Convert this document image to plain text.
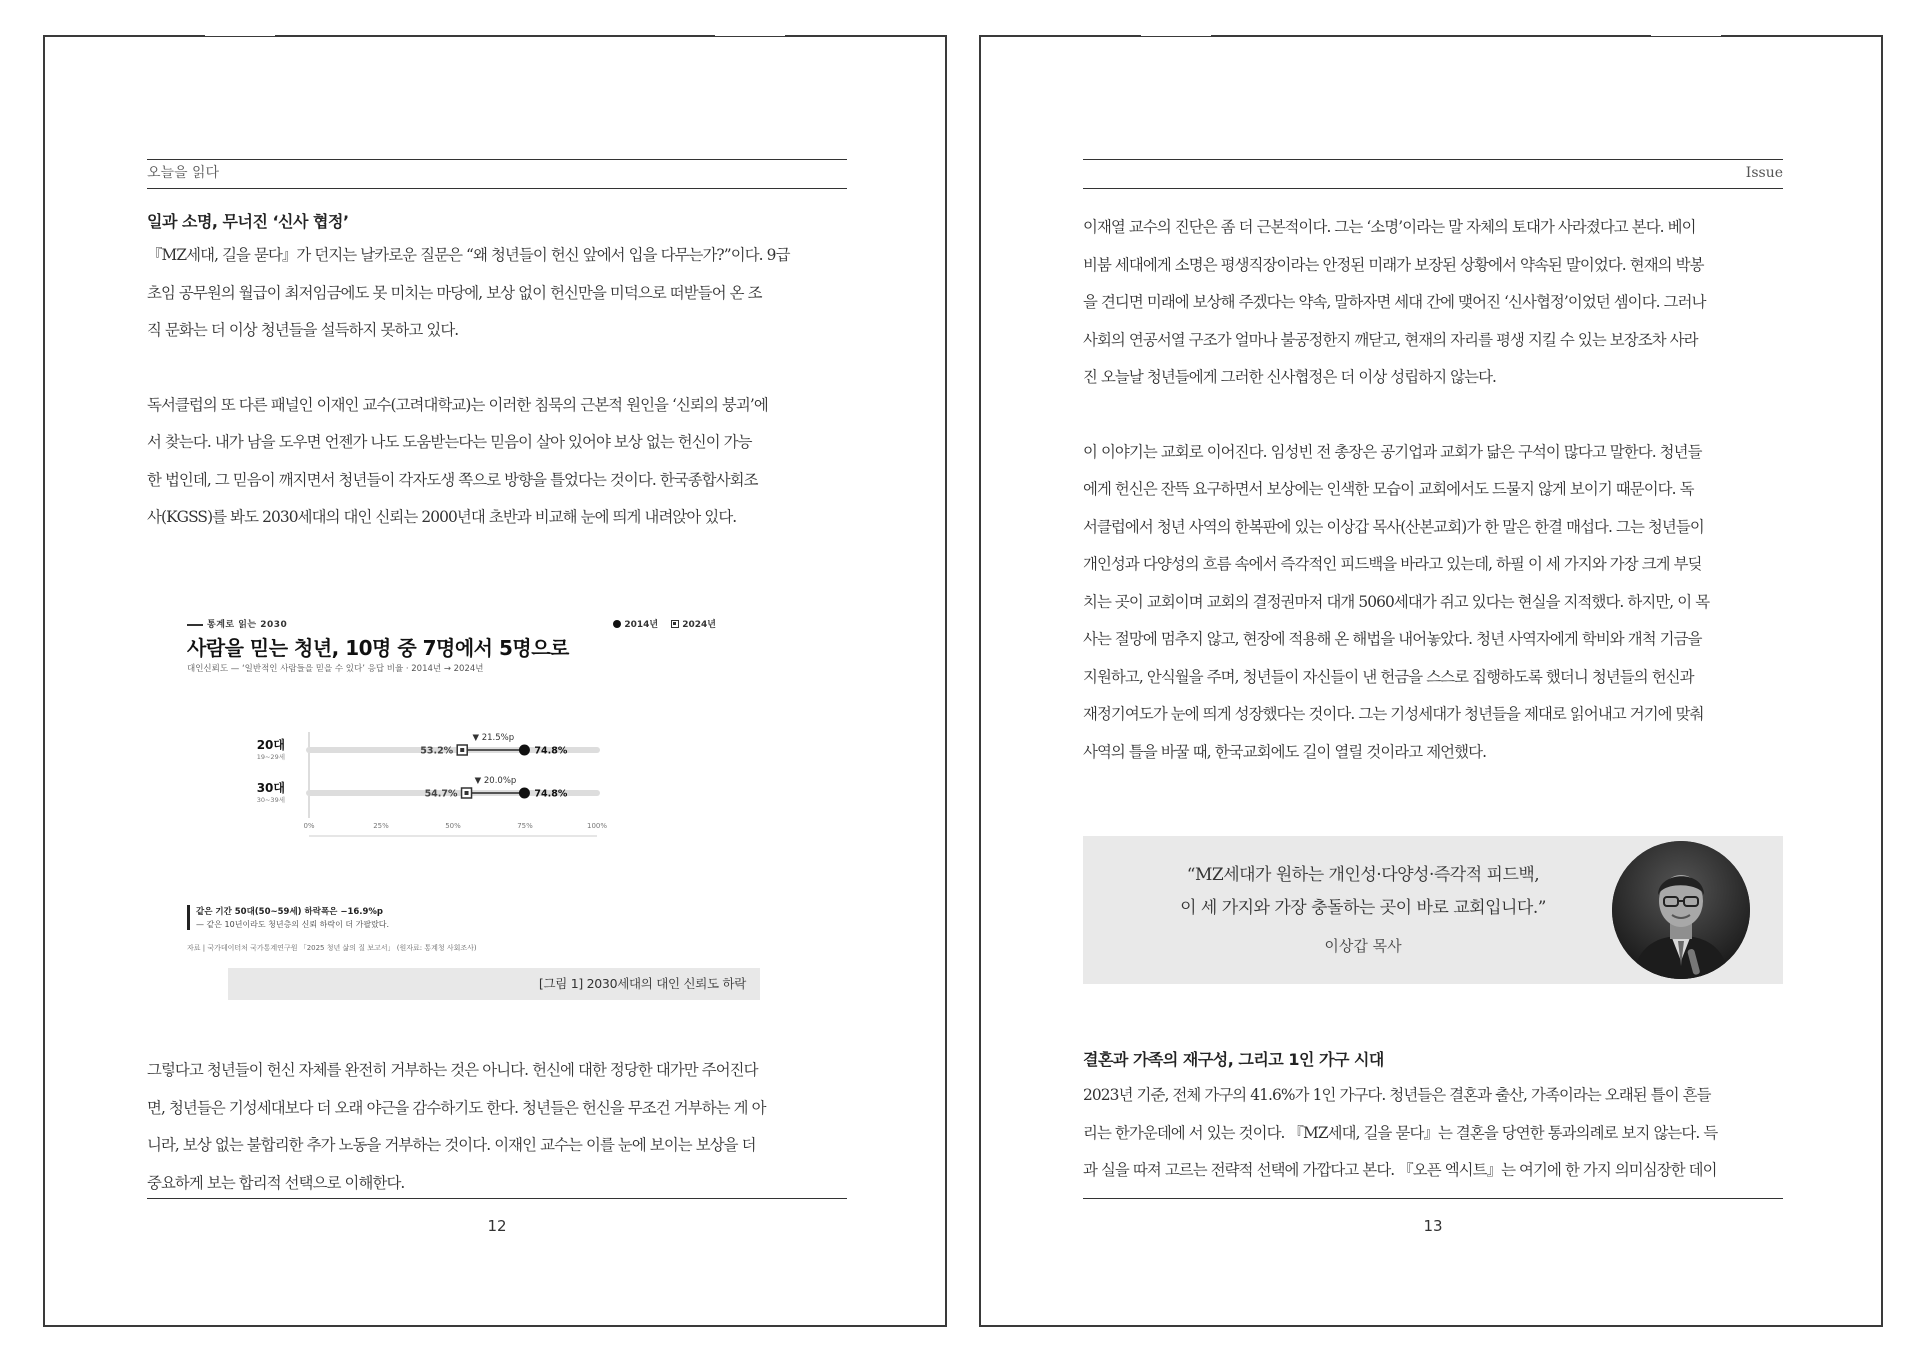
오늘을 읽다
일과 소명, 무너진 ‘신사 협정’
『MZ세대, 길을 묻다』가 던지는 날카로운 질문은 “왜 청년들이 헌신 앞에서 입을 다무는가?”이다. 9급
초임 공무원의 월급이 최저임금에도 못 미치는 마당에, 보상 없이 헌신만을 미덕으로 떠받들어 온 조
직 문화는 더 이상 청년들을 설득하지 못하고 있다.
독서클럽의 또 다른 패널인 이재인 교수(고려대학교)는 이러한 침묵의 근본적 원인을 ‘신뢰의 붕괴’에
서 찾는다. 내가 남을 도우면 언젠가 나도 도움받는다는 믿음이 살아 있어야 보상 없는 헌신이 가능
한 법인데, 그 믿음이 깨지면서 청년들이 각자도생 쪽으로 방향을 틀었다는 것이다. 한국종합사회조
사(KGSS)를 봐도 2030세대의 대인 신뢰는 2000년대 초반과 비교해 눈에 띄게 내려앉아 있다.
그렇다고 청년들이 헌신 자체를 완전히 거부하는 것은 아니다. 헌신에 대한 정당한 대가만 주어진다
면, 청년들은 기성세대보다 더 오래 야근을 감수하기도 한다. 청년들은 헌신을 무조건 거부하는 게 아
니라, 보상 없는 불합리한 추가 노동을 거부하는 것이다. 이재인 교수는 이를 눈에 보이는 보상을 더
중요하게 보는 합리적 선택으로 이해한다.
12
통계로 읽는 2030	2014년	2024년
사람을 믿는 청년, 10명 중 7명에서 5명으로
대인신뢰도 — ‘일반적인 사람들을 믿을 수 있다’ 응답 비율 · 2014년 → 2024년
0%	25%	50%	75%	100%
20대
19~29세
53.2%	74.8%
▼ 21.5%p
30대
30~39세
54.7%	74.8%
▼ 20.0%p
같은 기간 50대(50~59세) 하락폭은 −16.9%p
— 같은 10년이라도 청년층의 신뢰 하락이 더 가팔랐다.
자료 | 국가데이터처 국가통계연구원 「2025 청년 삶의 질 보고서」 (원자료: 통계청 사회조사)
[그림 1] 2030세대의 대인 신뢰도 하락
Issue
이재열 교수의 진단은 좀 더 근본적이다. 그는 ‘소명’이라는 말 자체의 토대가 사라졌다고 본다. 베이
비붐 세대에게 소명은 평생직장이라는 안정된 미래가 보장된 상황에서 약속된 말이었다. 현재의 박봉
을 견디면 미래에 보상해 주겠다는 약속, 말하자면 세대 간에 맺어진 ‘신사협정’이었던 셈이다. 그러나
사회의 연공서열 구조가 얼마나 불공정한지 깨닫고, 현재의 자리를 평생 지킬 수 있는 보장조차 사라
진 오늘날 청년들에게 그러한 신사협정은 더 이상 성립하지 않는다.
이 이야기는 교회로 이어진다. 임성빈 전 총장은 공기업과 교회가 닮은 구석이 많다고 말한다. 청년들
에게 헌신은 잔뜩 요구하면서 보상에는 인색한 모습이 교회에서도 드물지 않게 보이기 때문이다. 독
서클럽에서 청년 사역의 한복판에 있는 이상갑 목사(산본교회)가 한 말은 한결 매섭다. 그는 청년들이
개인성과 다양성의 흐름 속에서 즉각적인 피드백을 바라고 있는데, 하필 이 세 가지와 가장 크게 부딪
치는 곳이 교회이며 교회의 결정권마저 대개 5060세대가 쥐고 있다는 현실을 지적했다. 하지만, 이 목
사는 절망에 멈추지 않고, 현장에 적용해 온 해법을 내어놓았다. 청년 사역자에게 학비와 개척 기금을
지원하고, 안식월을 주며, 청년들이 자신들이 낸 헌금을 스스로 집행하도록 했더니 청년들의 헌신과
재정기여도가 눈에 띄게 성장했다는 것이다. 그는 기성세대가 청년들을 제대로 읽어내고 거기에 맞춰
사역의 틀을 바꿀 때, 한국교회에도 길이 열릴 것이라고 제언했다.
“MZ세대가 원하는 개인성·다양성·즉각적 피드백,
이 세 가지와 가장 충돌하는 곳이 바로 교회입니다.”
이상갑 목사
결혼과 가족의 재구성, 그리고 1인 가구 시대
2023년 기준, 전체 가구의 41.6%가 1인 가구다. 청년들은 결혼과 출산, 가족이라는 오래된 틀이 흔들
리는 한가운데에 서 있는 것이다. 『MZ세대, 길을 묻다』는 결혼을 당연한 통과의례로 보지 않는다. 득
과 실을 따져 고르는 전략적 선택에 가깝다고 본다. 『오픈 엑시트』는 여기에 한 가지 의미심장한 데이
13
